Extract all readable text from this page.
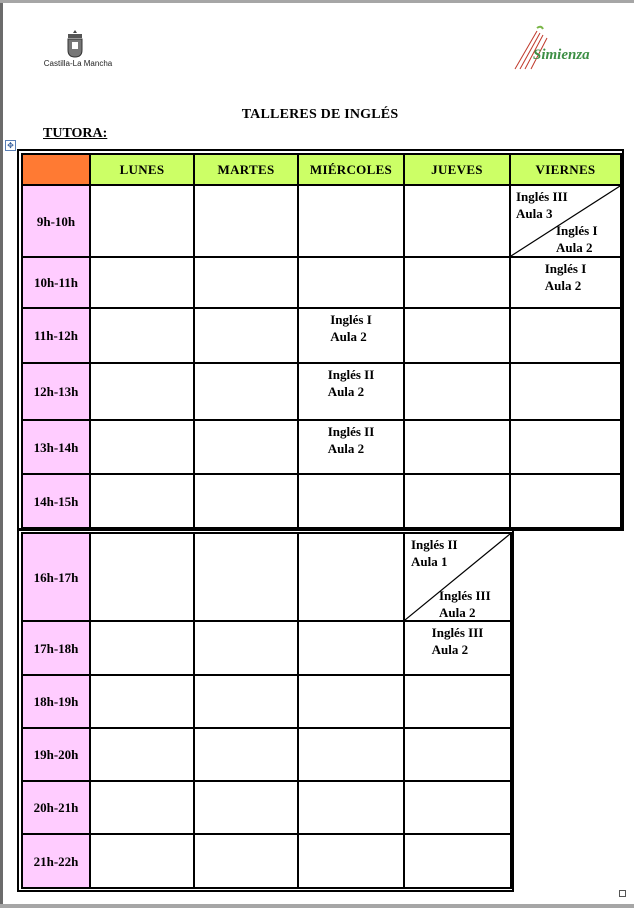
Castilla-La Mancha
Simienza
TALLERES DE INGLÉS
TUTORA:
✥
	LUNES	MARTES	MIÉRCOLES	JUEVES	VIERNES
9h-10h					Inglés III
Aula 3
Inglés I
Aula 2

10h-11h					Inglés I
Aula 2

11h-12h			Inglés I
Aula 2		

12h-13h			Inglés II
Aula 2		

13h-14h			Inglés II
Aula 2		

14h-15h					
16h-17h				Inglés II
Aula 1
Inglés III
Aula 2

17h-18h				Inglés III
Aula 2

18h-19h				
19h-20h				
20h-21h				
21h-22h				
